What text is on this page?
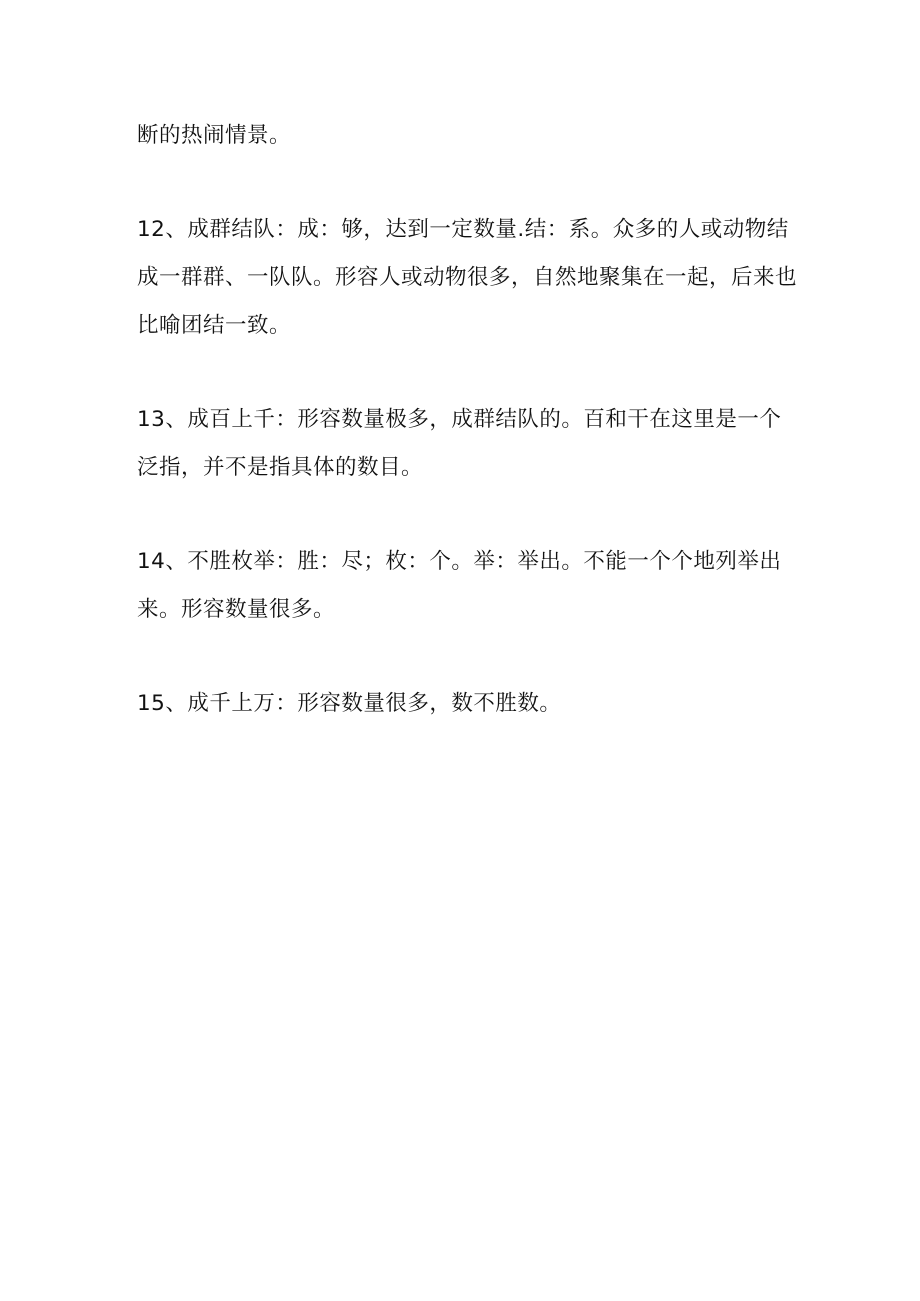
断的热闹情景。

12、成群结队：成：够，达到一定数量.结：系。众多的人或动物结成一群群、一队队。形容人或动物很多，自然地聚集在一起，后来也比喻团结一致。

13、成百上千：形容数量极多，成群结队的。百和干在这里是一个泛指，并不是指具体的数目。

14、不胜枚举：胜：尽；枚：个。举：举出。不能一个个地列举出来。形容数量很多。

15、成千上万：形容数量很多，数不胜数。
